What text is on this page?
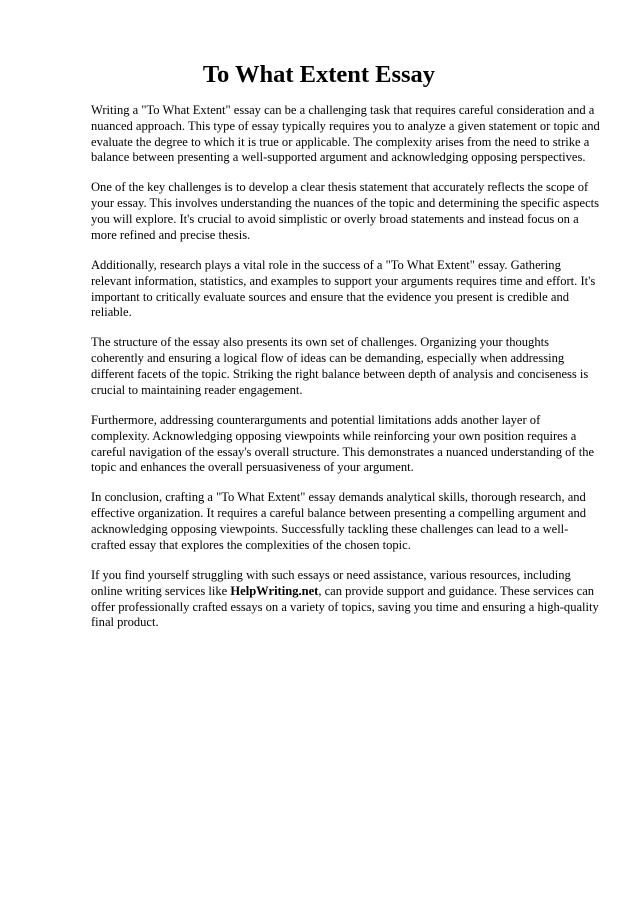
To What Extent Essay

Writing a "To What Extent" essay can be a challenging task that requires careful consideration and a nuanced approach. This type of essay typically requires you to analyze a given statement or topic and evaluate the degree to which it is true or applicable. The complexity arises from the need to strike a balance between presenting a well-supported argument and acknowledging opposing perspectives.

One of the key challenges is to develop a clear thesis statement that accurately reflects the scope of your essay. This involves understanding the nuances of the topic and determining the specific aspects you will explore. It's crucial to avoid simplistic or overly broad statements and instead focus on a more refined and precise thesis.

Additionally, research plays a vital role in the success of a "To What Extent" essay. Gathering relevant information, statistics, and examples to support your arguments requires time and effort. It's important to critically evaluate sources and ensure that the evidence you present is credible and reliable.

The structure of the essay also presents its own set of challenges. Organizing your thoughts coherently and ensuring a logical flow of ideas can be demanding, especially when addressing different facets of the topic. Striking the right balance between depth of analysis and conciseness is crucial to maintaining reader engagement.

Furthermore, addressing counterarguments and potential limitations adds another layer of complexity. Acknowledging opposing viewpoints while reinforcing your own position requires a careful navigation of the essay's overall structure. This demonstrates a nuanced understanding of the topic and enhances the overall persuasiveness of your argument.

In conclusion, crafting a "To What Extent" essay demands analytical skills, thorough research, and effective organization. It requires a careful balance between presenting a compelling argument and acknowledging opposing viewpoints. Successfully tackling these challenges can lead to a well-crafted essay that explores the complexities of the chosen topic.

If you find yourself struggling with such essays or need assistance, various resources, including online writing services like HelpWriting.net, can provide support and guidance. These services can offer professionally crafted essays on a variety of topics, saving you time and ensuring a high-quality final product.
